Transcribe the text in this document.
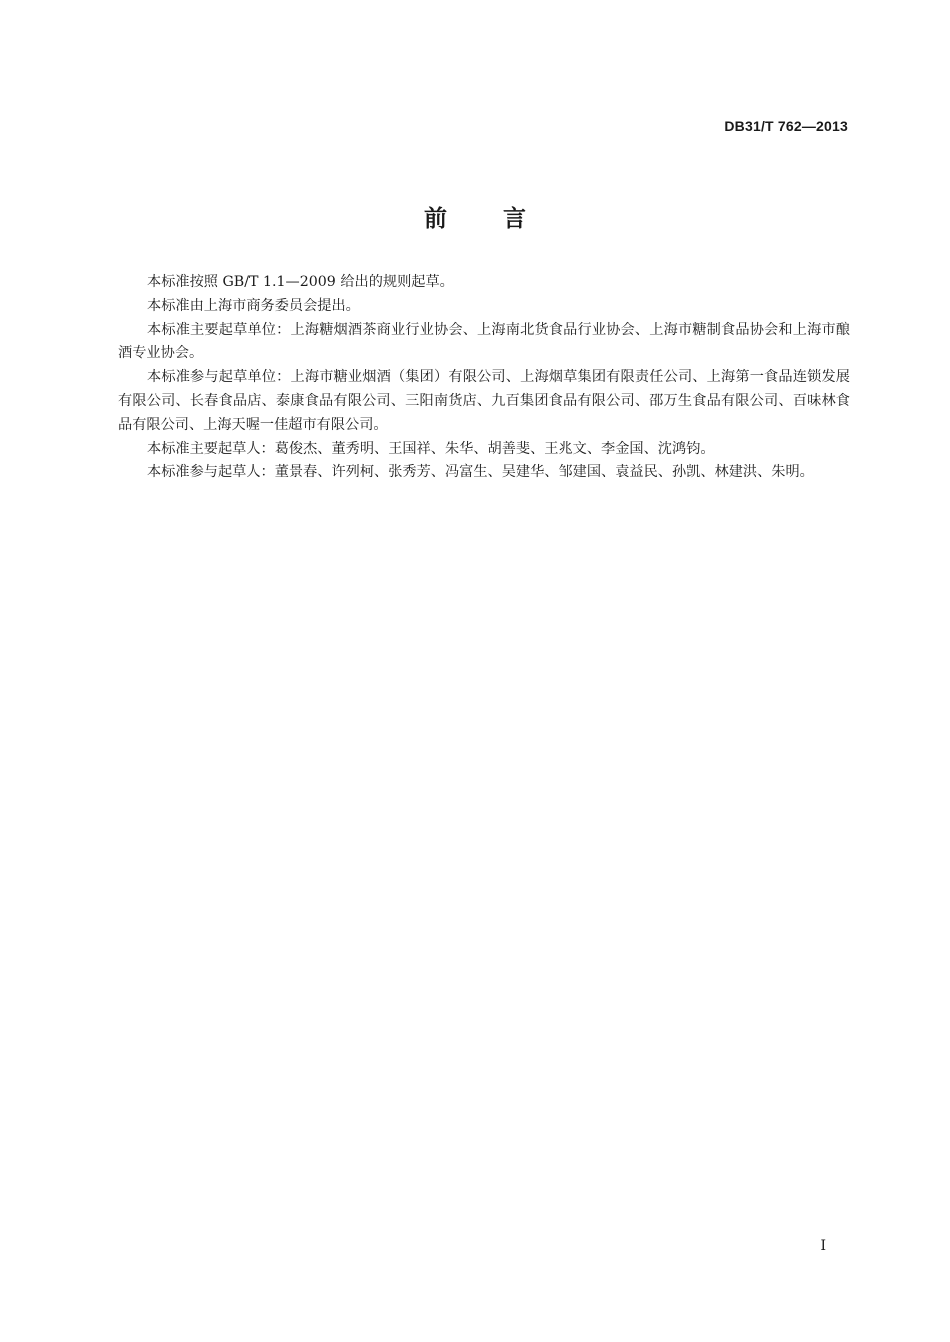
DB31/T 762—2013
前言

本标准按照 GB/T 1.1—2009 给出的规则起草。

本标准由上海市商务委员会提出。

本标准主要起草单位：上海糖烟酒茶商业行业协会、上海南北货食品行业协会、上海市糖制食品协会和上海市酿酒专业协会。

本标准参与起草单位：上海市糖业烟酒（集团）有限公司、上海烟草集团有限责任公司、上海第一食品连锁发展有限公司、长春食品店、泰康食品有限公司、三阳南货店、九百集团食品有限公司、邵万生食品有限公司、百味林食品有限公司、上海天喔一佳超市有限公司。

本标准主要起草人：葛俊杰、董秀明、王国祥、朱华、胡善斐、王兆文、李金国、沈鸿钧。

本标准参与起草人：董景春、许列柯、张秀芳、冯富生、吴建华、邹建国、袁益民、孙凯、林建洪、朱明。

I
